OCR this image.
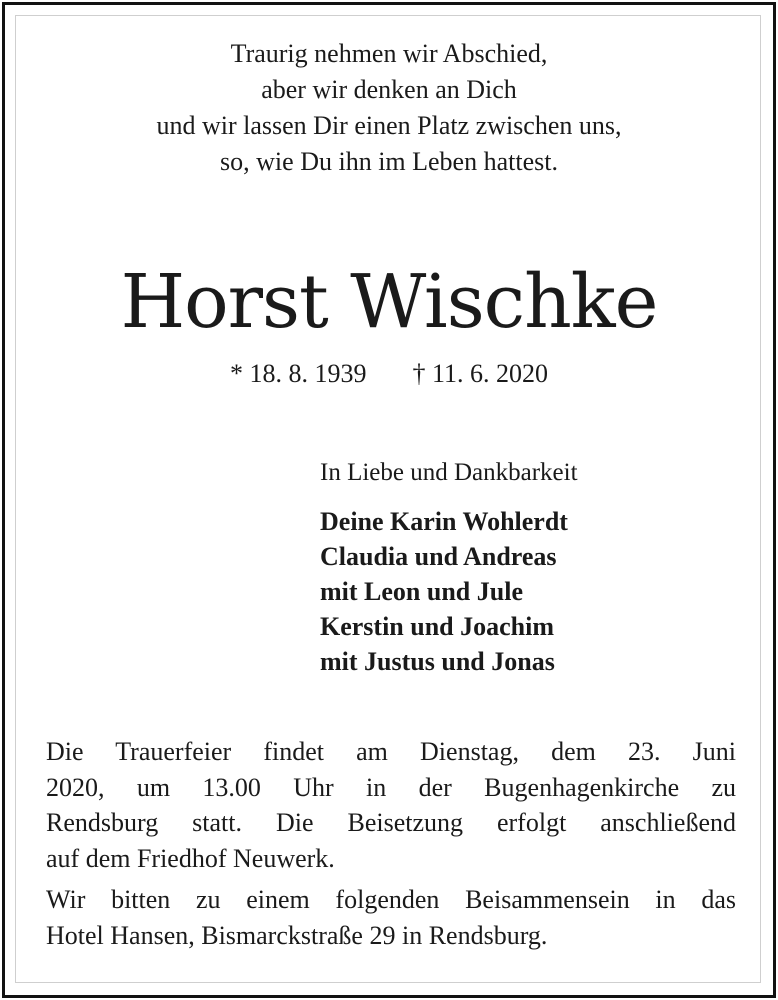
Traurig nehmen wir Abschied,
aber wir denken an Dich
und wir lassen Dir einen Platz zwischen uns,
so, wie Du ihn im Leben hattest.
Horst Wischke
* 18. 8. 1939 † 11. 6. 2020
In Liebe und Dankbarkeit
Deine Karin Wohlerdt
Claudia und Andreas
mit Leon und Jule
Kerstin und Joachim
mit Justus und Jonas
Die Trauerfeier findet am Dienstag, dem 23. Juni
2020, um 13.00 Uhr in der Bugenhagenkirche zu
Rendsburg statt. Die Beisetzung erfolgt anschließend
auf dem Friedhof Neuwerk.
Wir bitten zu einem folgenden Beisammensein in das
Hotel Hansen, Bismarckstraße 29 in Rendsburg.
